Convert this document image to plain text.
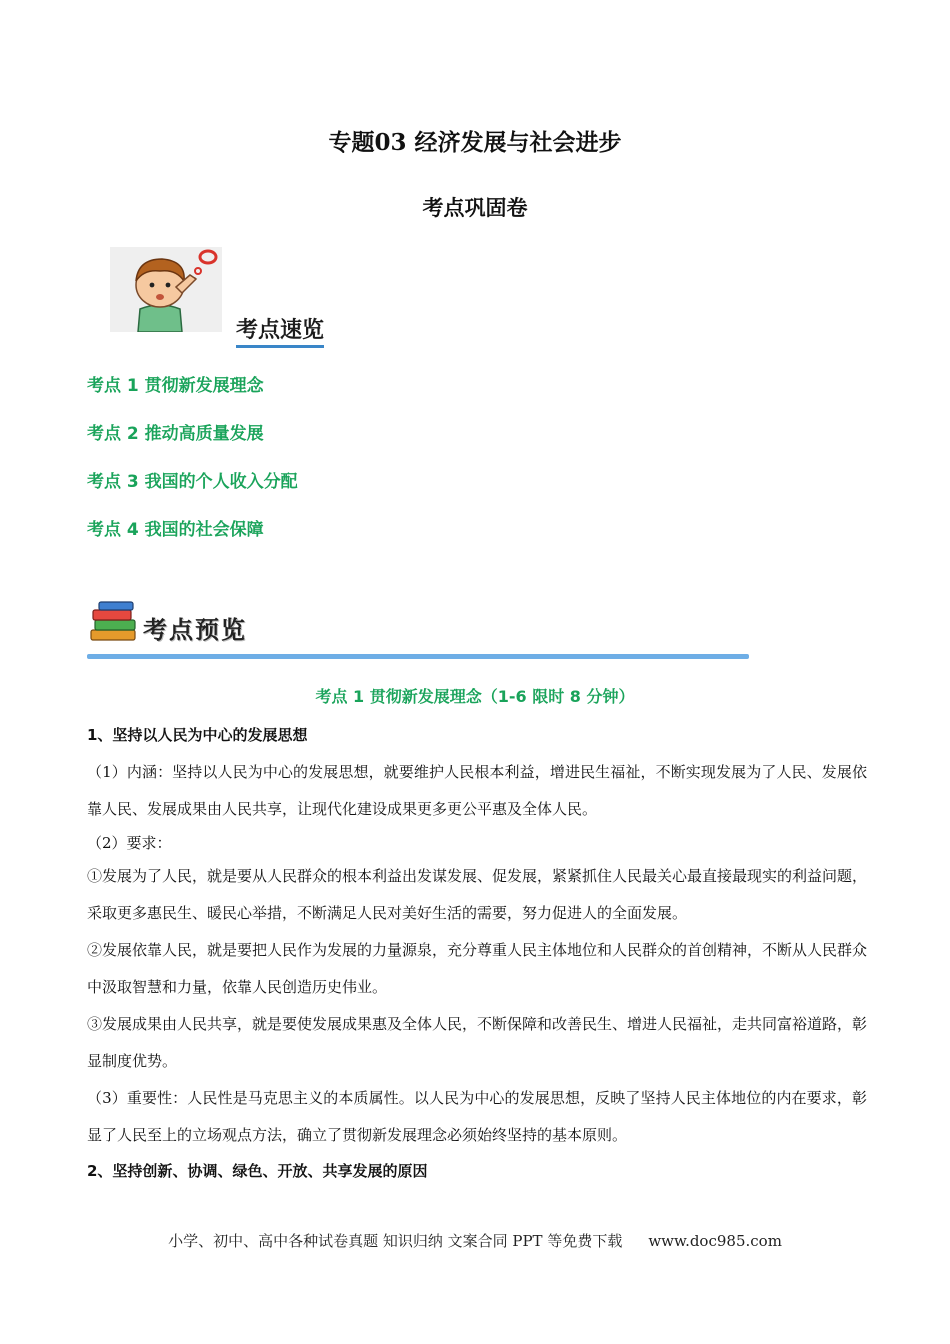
专题03 经济发展与社会进步
考点巩固卷
考点速览
考点 1 贯彻新发展理念
考点 2 推动高质量发展
考点 3 我国的个人收入分配
考点 4 我国的社会保障
考点预览
考点 1 贯彻新发展理念（1-6 限时 8 分钟）
1、坚持以人民为中心的发展思想

（1）内涵：坚持以人民为中心的发展思想，就要维护人民根本利益，增进民生福祉，不断实现发展为了人民、发展依靠人民、发展成果由人民共享，让现代化建设成果更多更公平惠及全体人民。

（2）要求：

①发展为了人民，就是要从人民群众的根本利益出发谋发展、促发展，紧紧抓住人民最关心最直接最现实的利益问题，采取更多惠民生、暖民心举措，不断满足人民对美好生活的需要，努力促进人的全面发展。

②发展依靠人民，就是要把人民作为发展的力量源泉，充分尊重人民主体地位和人民群众的首创精神，不断从人民群众中汲取智慧和力量，依靠人民创造历史伟业。

③发展成果由人民共享，就是要使发展成果惠及全体人民，不断保障和改善民生、增进人民福祉，走共同富裕道路，彰显制度优势。

（3）重要性：人民性是马克思主义的本质属性。以人民为中心的发展思想，反映了坚持人民主体地位的内在要求，彰显了人民至上的立场观点方法，确立了贯彻新发展理念必须始终坚持的基本原则。

2、坚持创新、协调、绿色、开放、共享发展的原因
小学、初中、高中各种试卷真题 知识归纳 文案合同 PPT 等免费下载 www.doc985.com
